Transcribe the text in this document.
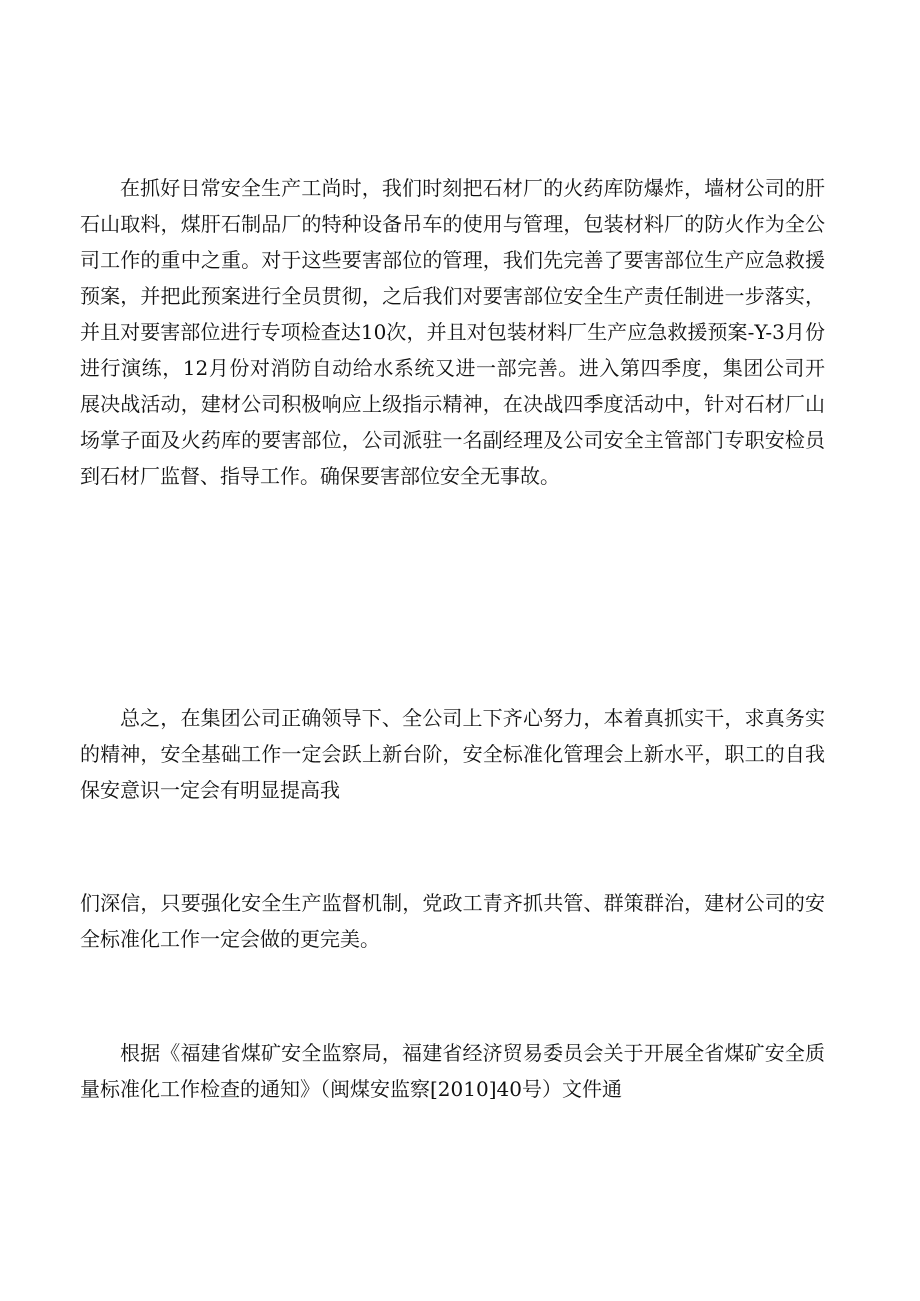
在抓好日常安全生产工尚时，我们时刻把石材厂的火药库防爆炸，墙材公司的肝石山取料，煤肝石制品厂的特种设备吊车的使用与管理，包装材料厂的防火作为全公司工作的重中之重。对于这些要害部位的管理，我们先完善了要害部位生产应急救援预案，并把此预案进行全员贯彻，之后我们对要害部位安全生产责任制进一步落实，并且对要害部位进行专项检查达10次，并且对包装材料厂生产应急救援预案-Y-3月份进行演练，12月份对消防自动给水系统又进一部完善。进入第四季度，集团公司开展决战活动，建材公司积极响应上级指示精神，在决战四季度活动中，针对石材厂山场掌子面及火药库的要害部位，公司派驻一名副经理及公司安全主管部门专职安检员到石材厂监督、指导工作。确保要害部位安全无事故。

总之，在集团公司正确领导下、全公司上下齐心努力，本着真抓实干，求真务实的精神，安全基础工作一定会跃上新台阶，安全标准化管理会上新水平，职工的自我保安意识一定会有明显提高我

们深信，只要强化安全生产监督机制，党政工青齐抓共管、群策群治，建材公司的安全标准化工作一定会做的更完美。

根据《福建省煤矿安全监察局，福建省经济贸易委员会关于开展全省煤矿安全质量标准化工作检查的通知》（闽煤安监察[2010]40号）文件通
